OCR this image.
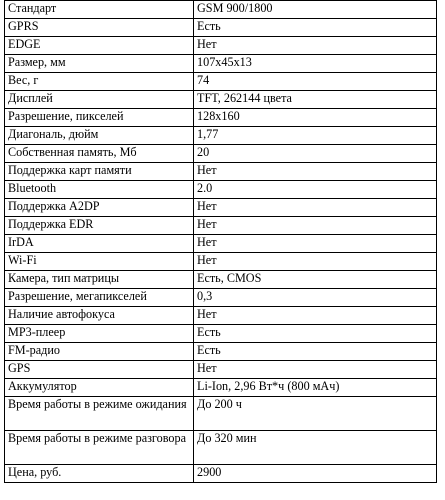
Стандарт	GSM 900/1800
GPRS	Есть
EDGE	Нет
Размер, мм	107x45x13
Вес, г	74
Дисплей	TFT, 262144 цвета
Разрешение, пикселей	128x160
Диагональ, дюйм	1,77
Собственная память, Мб	20
Поддержка карт памяти	Нет
Bluetooth	2.0
Поддержка A2DP	Нет
Поддержка EDR	Нет
IrDA	Нет
Wi-Fi	Нет
Камера, тип матрицы	Есть, CMOS
Разрешение, мегапикселей	0,3
Наличие автофокуса	Нет
MP3-плеер	Есть
FM-радио	Есть
GPS	Нет
Аккумулятор	Li-Ion, 2,96 Вт*ч (800 мАч)
Время работы в режиме ожидания	До 200 ч
Время работы в режиме разговора	До 320 мин
Цена, руб.	2900
